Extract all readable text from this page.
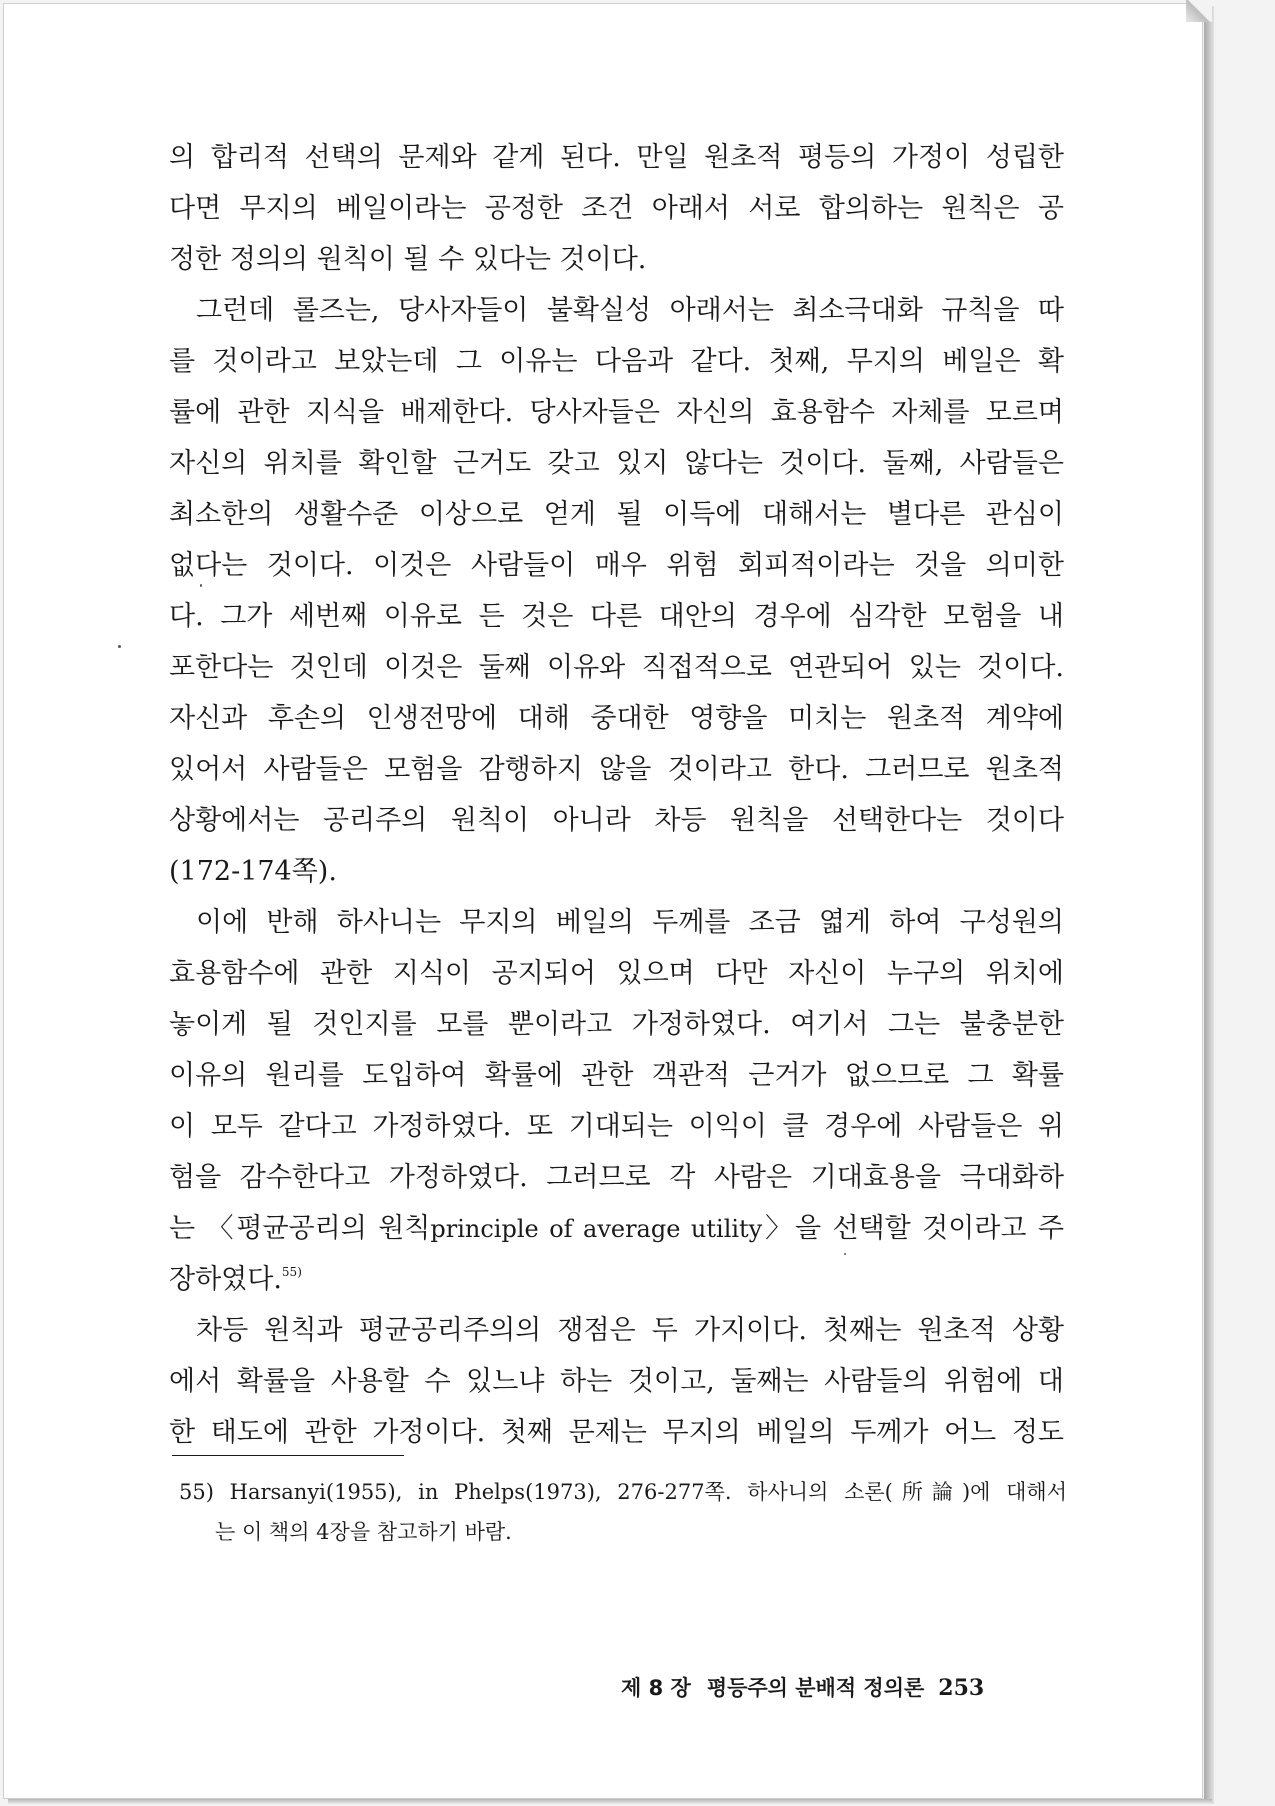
의 합리적 선택의 문제와 같게 된다. 만일 원초적 평등의 가정이 성립한
다면 무지의 베일이라는 공정한 조건 아래서 서로 합의하는 원칙은 공
정한 정의의 원칙이 될 수 있다는 것이다.
그런데 롤즈는, 당사자들이 불확실성 아래서는 최소극대화 규칙을 따
를 것이라고 보았는데 그 이유는 다음과 같다. 첫째, 무지의 베일은 확
률에 관한 지식을 배제한다. 당사자들은 자신의 효용함수 자체를 모르며
자신의 위치를 확인할 근거도 갖고 있지 않다는 것이다. 둘째, 사람들은
최소한의 생활수준 이상으로 얻게 될 이득에 대해서는 별다른 관심이
없다는 것이다. 이것은 사람들이 매우 위험 회피적이라는 것을 의미한
다. 그가 세번째 이유로 든 것은 다른 대안의 경우에 심각한 모험을 내
포한다는 것인데 이것은 둘째 이유와 직접적으로 연관되어 있는 것이다.
자신과 후손의 인생전망에 대해 중대한 영향을 미치는 원초적 계약에
있어서 사람들은 모험을 감행하지 않을 것이라고 한다. 그러므로 원초적
상황에서는 공리주의 원칙이 아니라 차등 원칙을 선택한다는 것이다
(172-174쪽).
이에 반해 하사니는 무지의 베일의 두께를 조금 엷게 하여 구성원의
효용함수에 관한 지식이 공지되어 있으며 다만 자신이 누구의 위치에
놓이게 될 것인지를 모를 뿐이라고 가정하였다. 여기서 그는 불충분한
이유의 원리를 도입하여 확률에 관한 객관적 근거가 없으므로 그 확률
이 모두 같다고 가정하였다. 또 기대되는 이익이 클 경우에 사람들은 위
험을 감수한다고 가정하였다. 그러므로 각 사람은 기대효용을 극대화하
는 〈평균공리의 원칙principle of average utility〉을 선택할 것이라고 주
장하였다.$^{55)}$
차등 원칙과 평균공리주의의 쟁점은 두 가지이다. 첫째는 원초적 상황
에서 확률을 사용할 수 있느냐 하는 것이고, 둘째는 사람들의 위험에 대
한 태도에 관한 가정이다. 첫째 문제는 무지의 베일의 두께가 어느 정도
55) Harsanyi(1955), in Phelps(1973), 276-277쪽. 하사니의 소론(所論)에 대해서
는 이 책의 4장을 참고하기 바람.
제 8 장 평등주의 분배적 정의론 253
